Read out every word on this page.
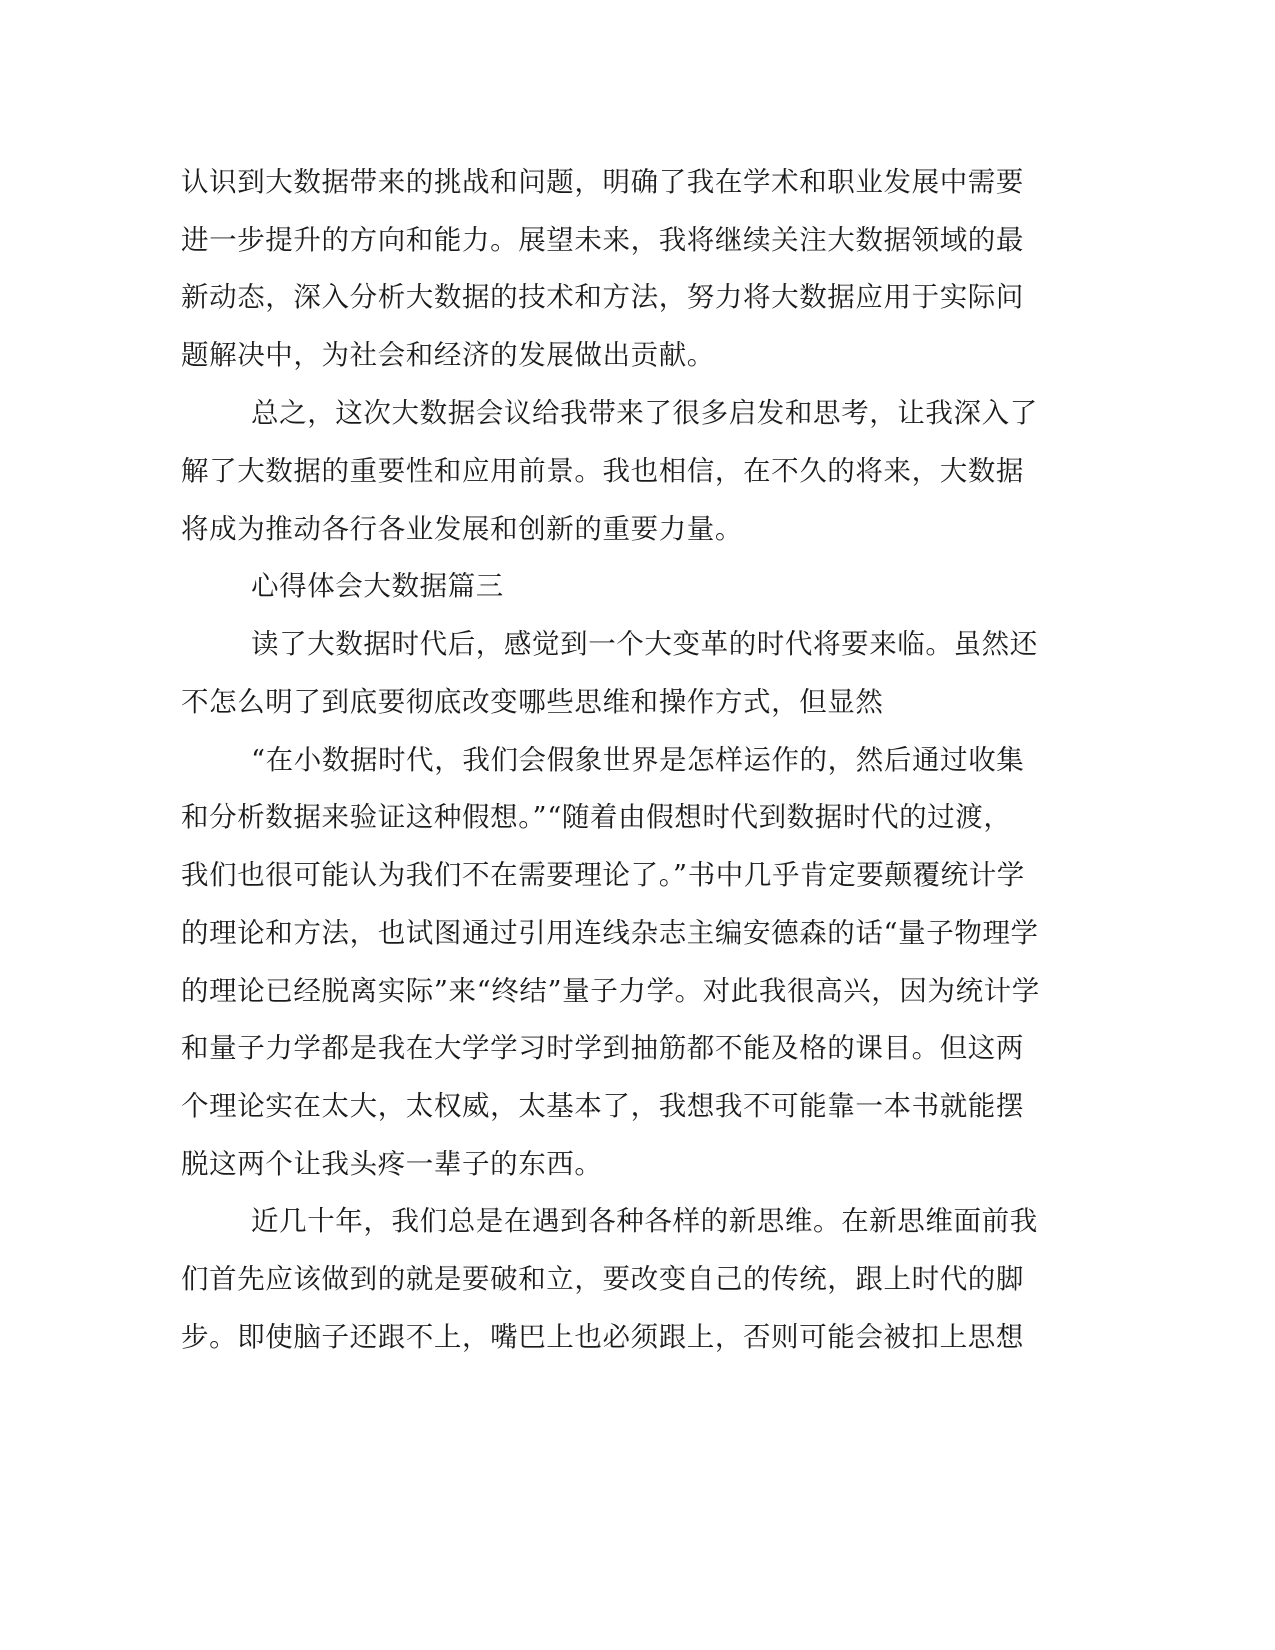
认识到大数据带来的挑战和问题，明确了我在学术和职业发展中需要
进一步提升的方向和能力。展望未来，我将继续关注大数据领域的最
新动态，深入分析大数据的技术和方法，努力将大数据应用于实际问
题解决中，为社会和经济的发展做出贡献。
总之，这次大数据会议给我带来了很多启发和思考，让我深入了
解了大数据的重要性和应用前景。我也相信，在不久的将来，大数据
将成为推动各行各业发展和创新的重要力量。
心得体会大数据篇三
读了大数据时代后，感觉到一个大变革的时代将要来临。虽然还
不怎么明了到底要彻底改变哪些思维和操作方式，但显然
“在小数据时代，我们会假象世界是怎样运作的，然后通过收集
和分析数据来验证这种假想。”“随着由假想时代到数据时代的过渡，
我们也很可能认为我们不在需要理论了。”书中几乎肯定要颠覆统计学
的理论和方法，也试图通过引用连线杂志主编安德森的话“量子物理学
的理论已经脱离实际”来“终结”量子力学。对此我很高兴，因为统计学
和量子力学都是我在大学学习时学到抽筋都不能及格的课目。但这两
个理论实在太大，太权威，太基本了，我想我不可能靠一本书就能摆
脱这两个让我头疼一辈子的东西。
近几十年，我们总是在遇到各种各样的新思维。在新思维面前我
们首先应该做到的就是要破和立，要改变自己的传统，跟上时代的脚
步。即使脑子还跟不上，嘴巴上也必须跟上，否则可能会被扣上思想
